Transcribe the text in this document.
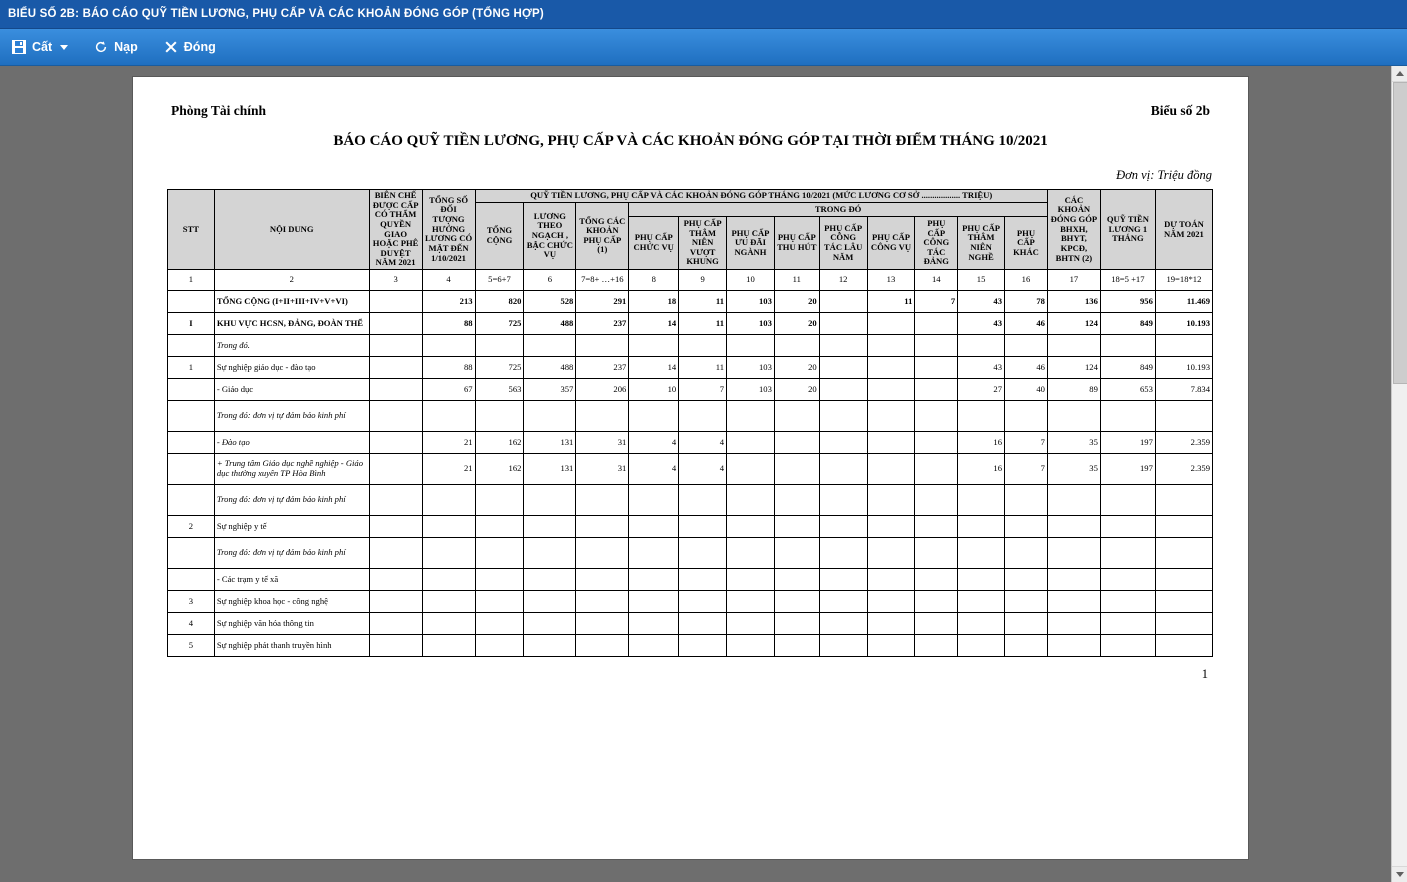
BIỂU SỐ 2B: BÁO CÁO QUỸ TIỀN LƯƠNG, PHỤ CẤP VÀ CÁC KHOẢN ĐÓNG GÓP (TỔNG HỢP)
Cất	Nạp	Đóng
Phòng Tài chính	Biểu số 2b
BÁO CÁO QUỸ TIỀN LƯƠNG, PHỤ CẤP VÀ CÁC KHOẢN ĐÓNG GÓP TẠI THỜI ĐIỂM THÁNG 10/2021
Đơn vị: Triệu đồng
STT	NỘI DUNG	BIÊN CHẾ ĐƯỢC CẤP CÓ THẨM QUYỀN GIAO HOẶC PHÊ DUYỆT NĂM 2021	TỔNG SỐ ĐỐI TƯỢNG HƯỞNG LƯƠNG CÓ MẶT ĐẾN 1/10/2021	QUỸ TIỀN LƯƠNG, PHỤ CẤP VÀ CÁC KHOẢN ĐÓNG GÓP THÁNG 10/2021 (MỨC LƯƠNG CƠ SỞ .................. TRIỆU)												CÁC KHOẢN ĐÓNG GÓP BHXH, BHYT, KPCĐ, BHTN (2)	QUỸ TIỀN LƯƠNG 1 THÁNG	DỰ TOÁN NĂM 2021
				TỔNG CỘNG	LƯƠNG THEO NGẠCH , BẬC CHỨC VỤ	TỔNG CÁC KHOẢN PHỤ CẤP (1)	TRONG ĐÓ											
							PHỤ CẤP CHỨC VỤ	PHỤ CẤP THÂM NIÊN VƯỢT KHUNG	PHỤ CẤP ƯU ĐÃI NGÀNH	PHỤ CẤP THU HÚT	PHỤ CẤP CÔNG TÁC LÂU NĂM	PHỤ CẤP CÔNG VỤ	PHỤ CẤP CÔNG TÁC ĐẢNG	PHỤ CẤP THÂM NIÊN NGHỀ	PHỤ CẤP KHÁC			

1	2	3	4	5=6+7	6	7=8+ …+16	8	9	10	11	12	13	14	15	16	17	18=5 +17	19=18*12
	TỔNG CỘNG (I+II+III+IV+V+VI)		213	820	528	291	18	11	103	20		11	7	43	78	136	956	11.469
I	KHU VỰC HCSN, ĐẢNG, ĐOÀN THỂ		88	725	488	237	14	11	103	20				43	46	124	849	10.193
	Trong đó.																	
1	Sự nghiệp giáo dục - đào tạo		88	725	488	237	14	11	103	20				43	46	124	849	10.193
	- Giáo dục		67	563	357	206	10	7	103	20				27	40	89	653	7.834
	Trong đó: đơn vị tự đảm bảo kinh phí																	
	- Đào tạo		21	162	131	31	4	4						16	7	35	197	2.359
	+ Trung tâm Giáo dục nghề nghiệp - Giáo dục thường xuyên TP Hòa Bình		21	162	131	31	4	4						16	7	35	197	2.359
	Trong đó: đơn vị tự đảm bảo kinh phí																	
2	Sự nghiệp y tế																	
	Trong đó: đơn vị tự đảm bảo kinh phí																	
	- Các trạm y tế xã																	
3	Sự nghiệp khoa học - công nghệ																	
4	Sự nghiệp văn hóa thông tin																	
5	Sự nghiệp phát thanh truyền hình																	
1
